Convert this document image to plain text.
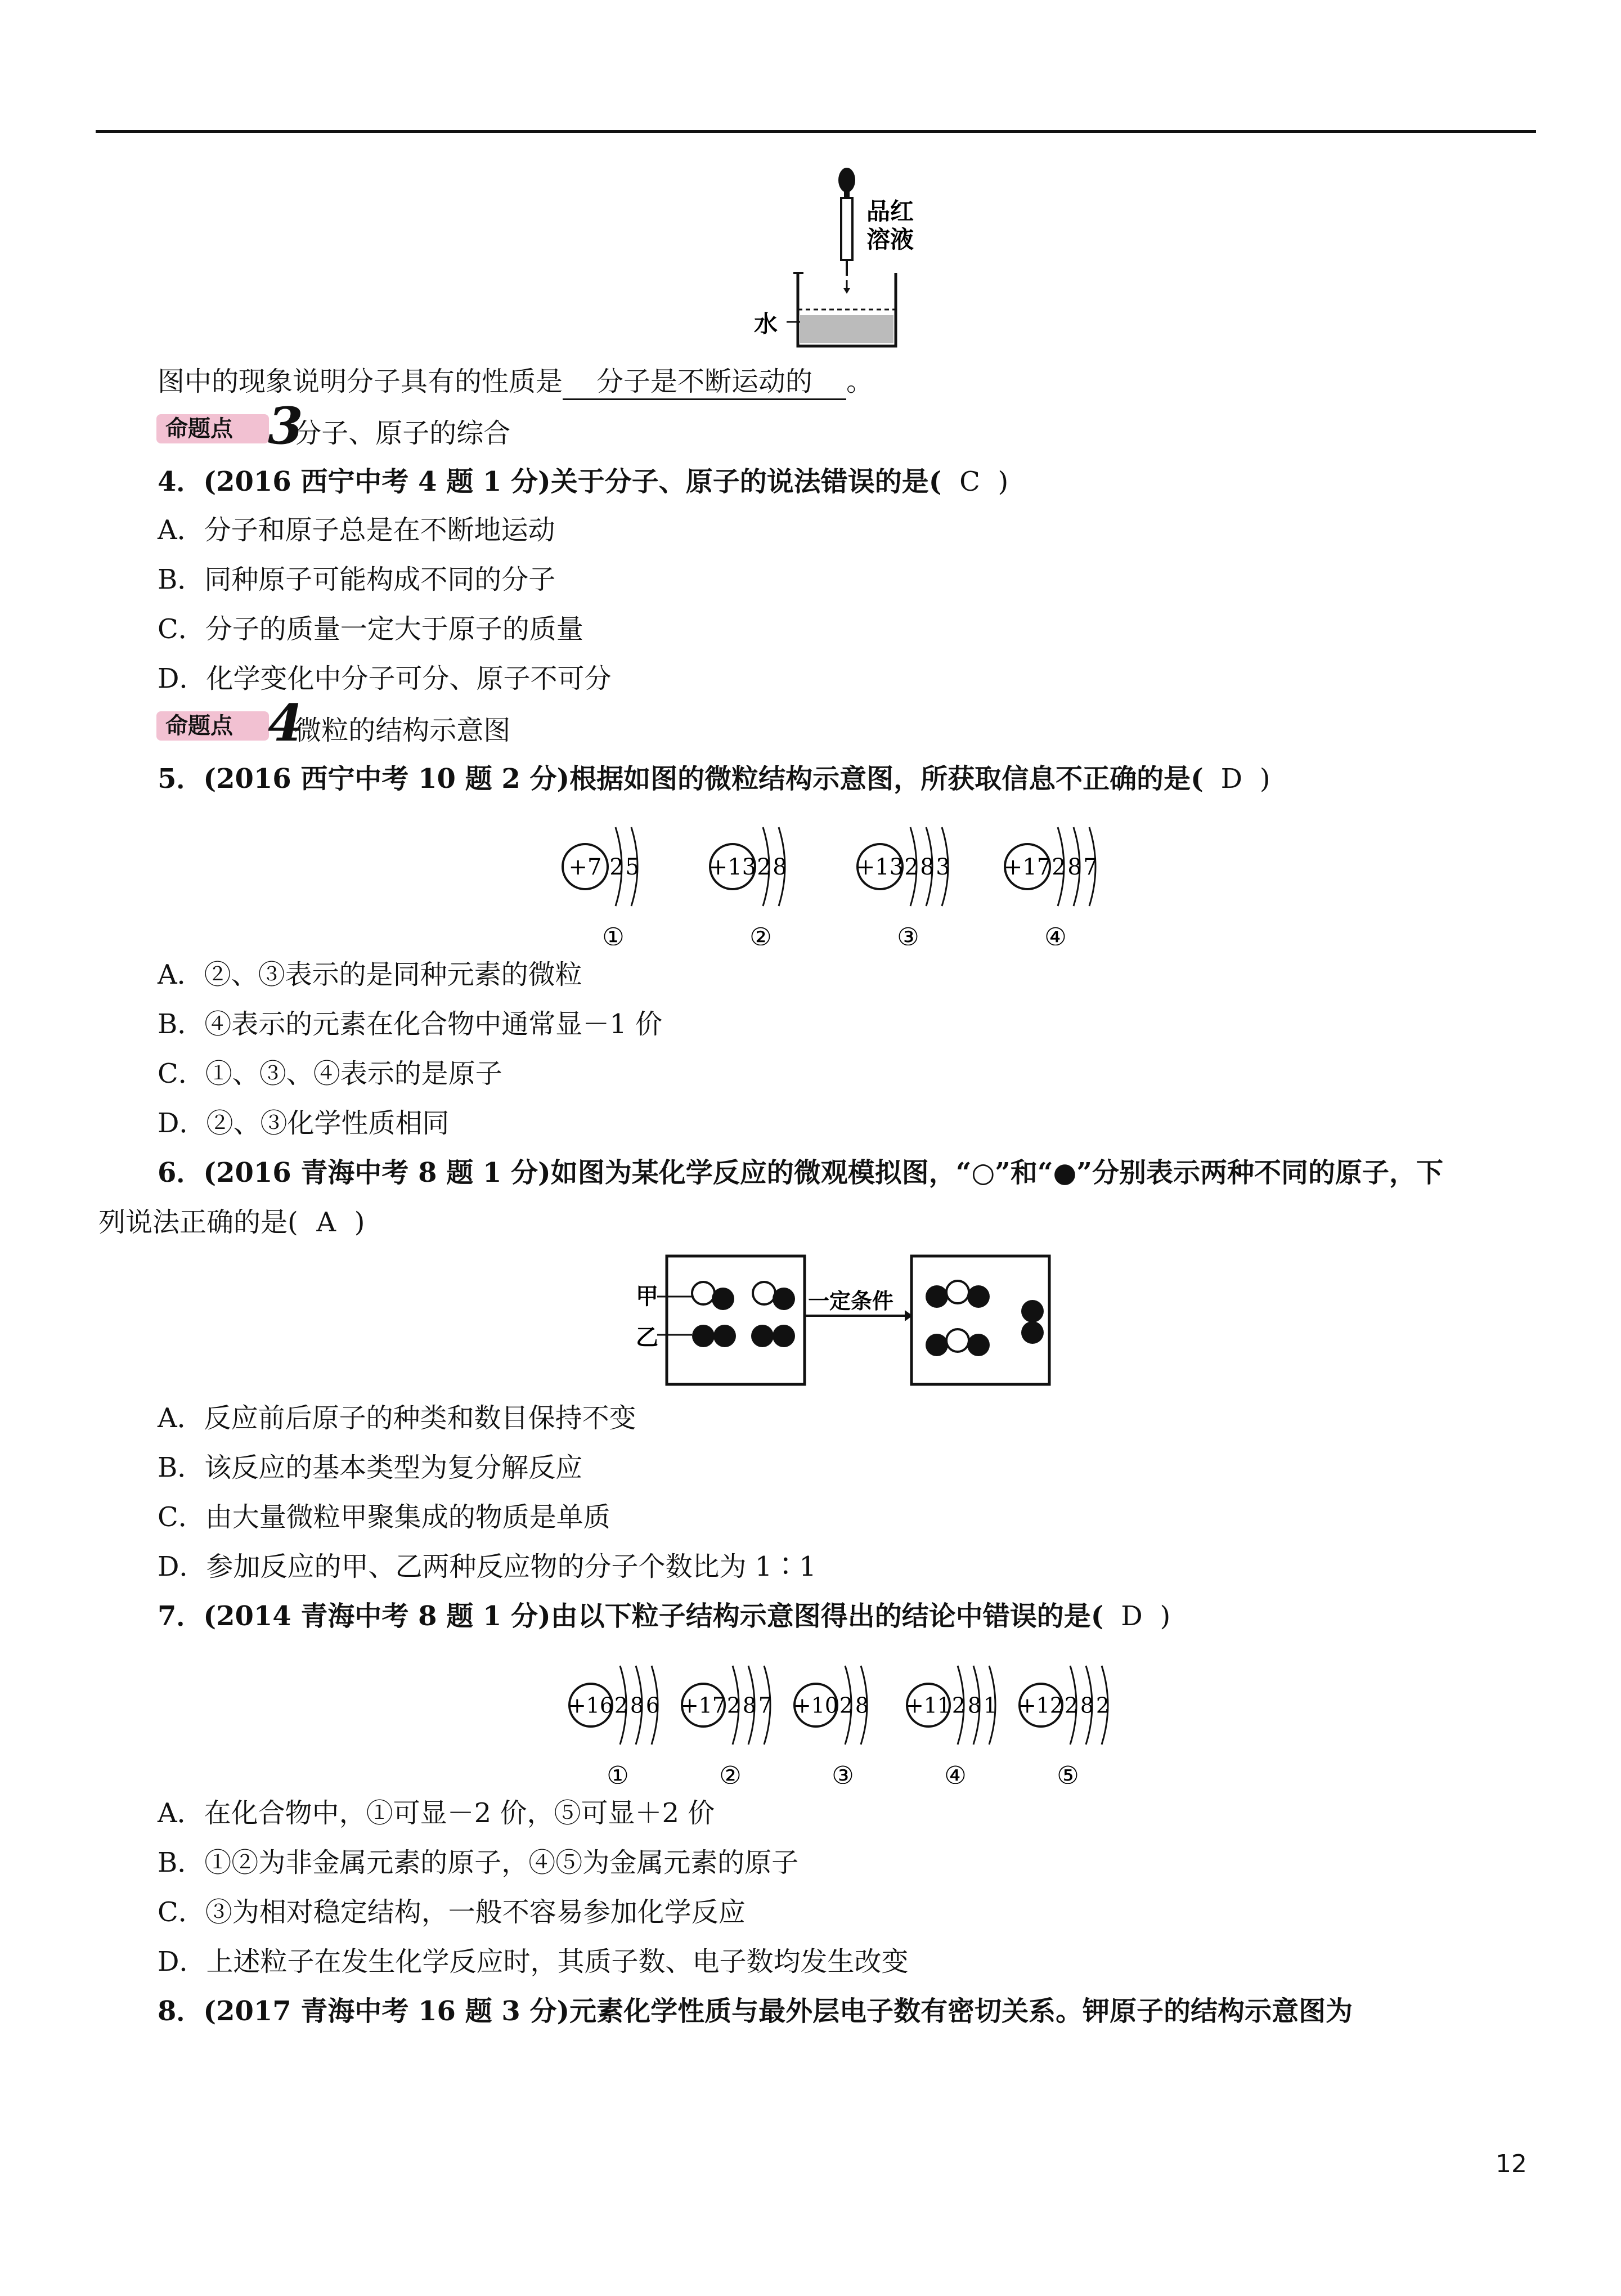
品红
溶液
水
图中的现象说明分子具有的性质是 分子是不断运动的 。
命题点 3
分子、原子的综合
4．(2016 西宁中考 4 题 1 分)关于分子、原子的说法错误的是( C )
A．分子和原子总是在不断地运动
B．同种原子可能构成不同的分子
C．分子的质量一定大于原子的质量
D．化学变化中分子可分、原子不可分
命题点 4
微粒的结构示意图
5．(2016 西宁中考 10 题 2 分)根据如图的微粒结构示意图，所获取信息不正确的是( D )
+7 2 5
①
+13 2 8
②
+13 2 8 3
③
+17 2 8 7
④
A．②、③表示的是同种元素的微粒
B．④表示的元素在化合物中通常显－1 价
C．①、③、④表示的是原子
D．②、③化学性质相同
6．(2016 青海中考 8 题 1 分)如图为某化学反应的微观模拟图，“○”和“●”分别表示两种不同的原子，下
列说法正确的是( A )
甲
乙
一定条件
A．反应前后原子的种类和数目保持不变
B．该反应的基本类型为复分解反应
C．由大量微粒甲聚集成的物质是单质
D．参加反应的甲、乙两种反应物的分子个数比为 1∶1
7．(2014 青海中考 8 题 1 分)由以下粒子结构示意图得出的结论中错误的是( D )
+16 2 8 6
①
+17 2 8 7
②
+10 2 8
③
+11 2 8 1
④
+12 2 8 2
⑤
A．在化合物中，①可显－2 价，⑤可显＋2 价
B．①②为非金属元素的原子，④⑤为金属元素的原子
C．③为相对稳定结构，一般不容易参加化学反应
D．上述粒子在发生化学反应时，其质子数、电子数均发生改变
8．(2017 青海中考 16 题 3 分)元素化学性质与最外层电子数有密切关系。钾原子的结构示意图为
12
